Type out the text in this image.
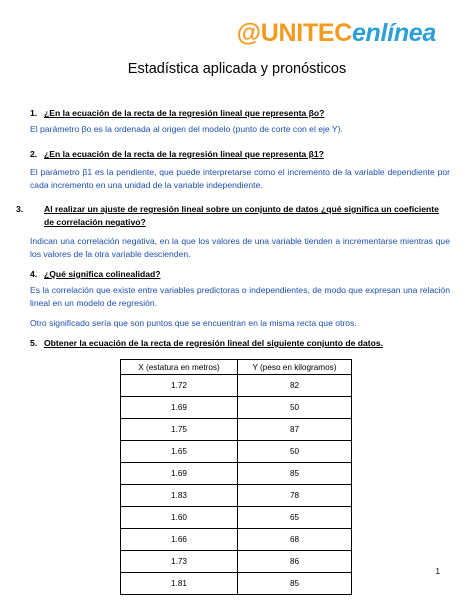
@UNITECenlínea
Estadística aplicada y pronósticos
1. ¿En la ecuación de la recta de la regresión lineal que representa βo?
El parámetro βo es la ordenada al origen del modelo (punto de corte con el eje Y).
2. ¿En la ecuación de la recta de la regresión lineal que representa β1?
El parámetro β1 es la pendiente, que puede interpretarse como el incremento de la variable dependiente por cada incremento en una unidad de la variable independiente.
3. Al realizar un ajuste de regresión lineal sobre un conjunto de datos ¿qué significa un coeficiente de correlación negativo?
Indican una correlación negativa, en la que los valores de una variable tienden a incrementarse mientras que los valores de la otra variable descienden.
4. ¿Qué significa colinealidad?
Es la correlación que existe entre variables predictoras o independientes, de modo que expresan una relación lineal en un modelo de regresión.
Otro significado sería que son puntos que se encuentran en la misma recta que otros.
5. Obtener la ecuación de la recta de regresión lineal del siguiente conjunto de datos.
X (estatura en metros)	Y (peso en kilogramos)
1.72	82
1.69	50
1.75	87
1.65	50
1.69	85
1.83	78
1.60	65
1.66	68
1.73	86
1.81	85
1
